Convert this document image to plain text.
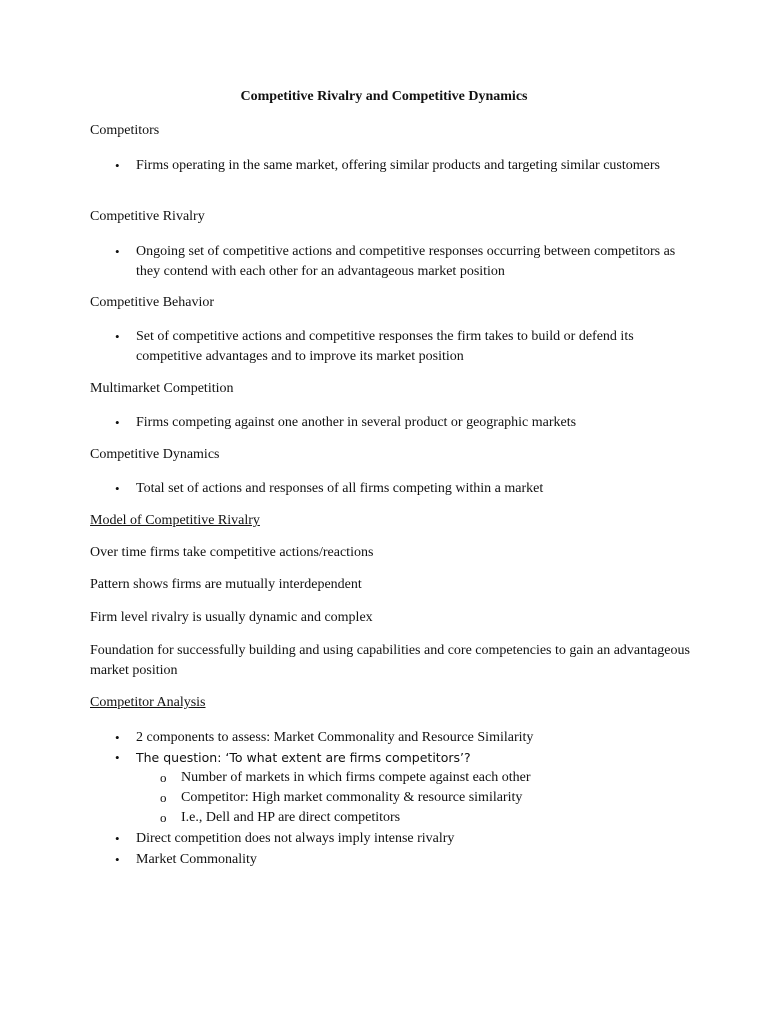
Competitive Rivalry and Competitive Dynamics
Competitors
•	Firms operating in the same market, offering similar products and targeting similar customers
Competitive Rivalry
•	Ongoing set of competitive actions and competitive responses occurring between competitors as they contend with each other for an advantageous market position
Competitive Behavior
•	Set of competitive actions and competitive responses the firm takes to build or defend its competitive advantages and to improve its market position
Multimarket Competition
•	Firms competing against one another in several product or geographic markets
Competitive Dynamics
•	Total set of actions and responses of all firms competing within a market
Model of Competitive Rivalry
Over time firms take competitive actions/reactions
Pattern shows firms are mutually interdependent
Firm level rivalry is usually dynamic and complex
Foundation for successfully building and using capabilities and core competencies to gain an advantageous market position
Competitor Analysis
•	2 components to assess: Market Commonality and Resource Similarity
•	The question: ‘To what extent are firms competitors’?
o Number of markets in which firms compete against each other
o Competitor: High market commonality & resource similarity
o I.e., Dell and HP are direct competitors
•	Direct competition does not always imply intense rivalry
•	Market Commonality
